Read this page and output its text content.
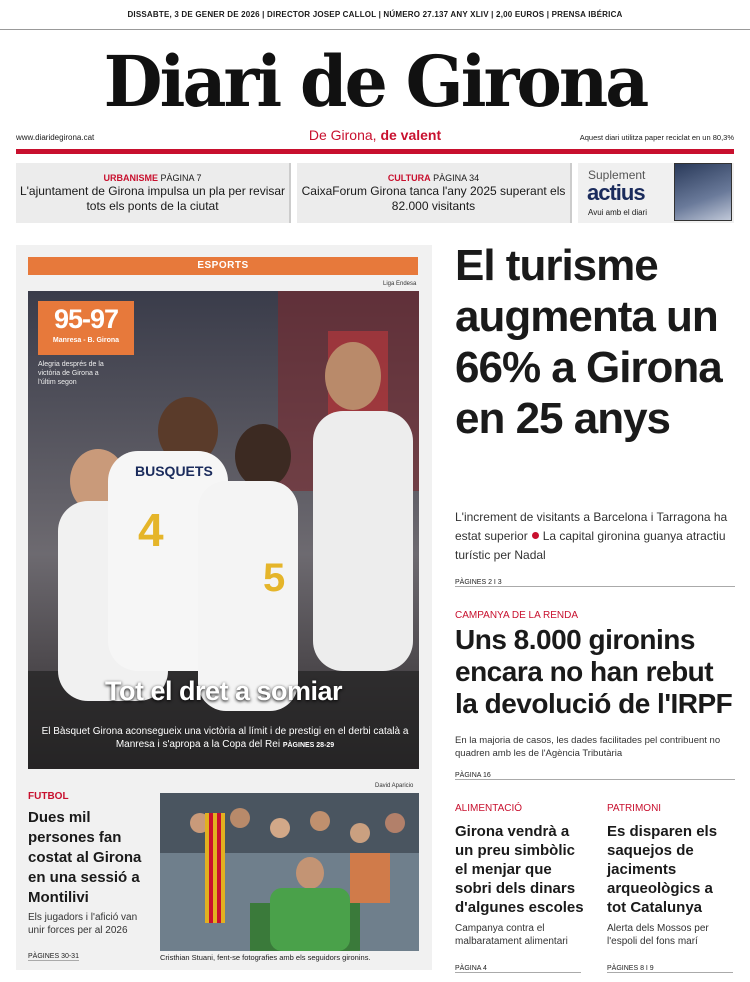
DISSABTE, 3 DE GENER DE 2026 | DIRECTOR JOSEP CALLOL | NÚMERO 27.137 ANY XLIV | 2,00 EUROS | PRENSA IBÉRICA
Diari de Girona
www.diaridegirona.cat	De Girona, de valent	Aquest diari utilitza paper reciclat en un 80,3%
URBANISME PÀGINA 7
L'ajuntament de Girona impulsa un pla per revisar tots els ponts de la ciutat
CULTURA PÀGINA 34
CaixaForum Girona tanca l'any 2025 superant els 82.000 visitants
Suplement
actius
Avui amb el diari
ESPORTS
Liga Endesa
BUSQUETS
4
5
95-97
Manresa - B. Girona
Alegria després de la victòria de Girona a l'últim segon
Tot el dret a somiar
El Bàsquet Girona aconsegueix una victòria al límit i de prestigi en el derbi català a Manresa i s'apropa a la Copa del Rei PÀGINES 28-29
David Aparicio
FUTBOL
Dues mil persones fan costat al Girona en una sessió a Montilivi
Els jugadors i l'afició van unir forces per al 2026
PÀGINES 30-31	Cristhian Stuani, fent-se fotografies amb els seguidors gironins.
El turisme augmenta un 66% a Girona en 25 anys
L'increment de visitants a Barcelona i Tarragona ha estat superior La capital gironina guanya atractiu turístic per Nadal
PÀGINES 2 I 3
CAMPANYA DE LA RENDA
Uns 8.000 gironins encara no han rebut la devolució de l'IRPF
En la majoria de casos, les dades facilitades pel contribuent no quadren amb les de l'Agència Tributària
PÀGINA 16
ALIMENTACIÓ
Girona vendrà a un preu simbòlic el menjar que sobri dels dinars d'algunes escoles
Campanya contra el malbaratament alimentari
PÀGINA 4
PATRIMONI
Es disparen els saquejos de jaciments arqueològics a tot Catalunya
Alerta dels Mossos per l'espoli del fons marí
PÀGINES 8 I 9
